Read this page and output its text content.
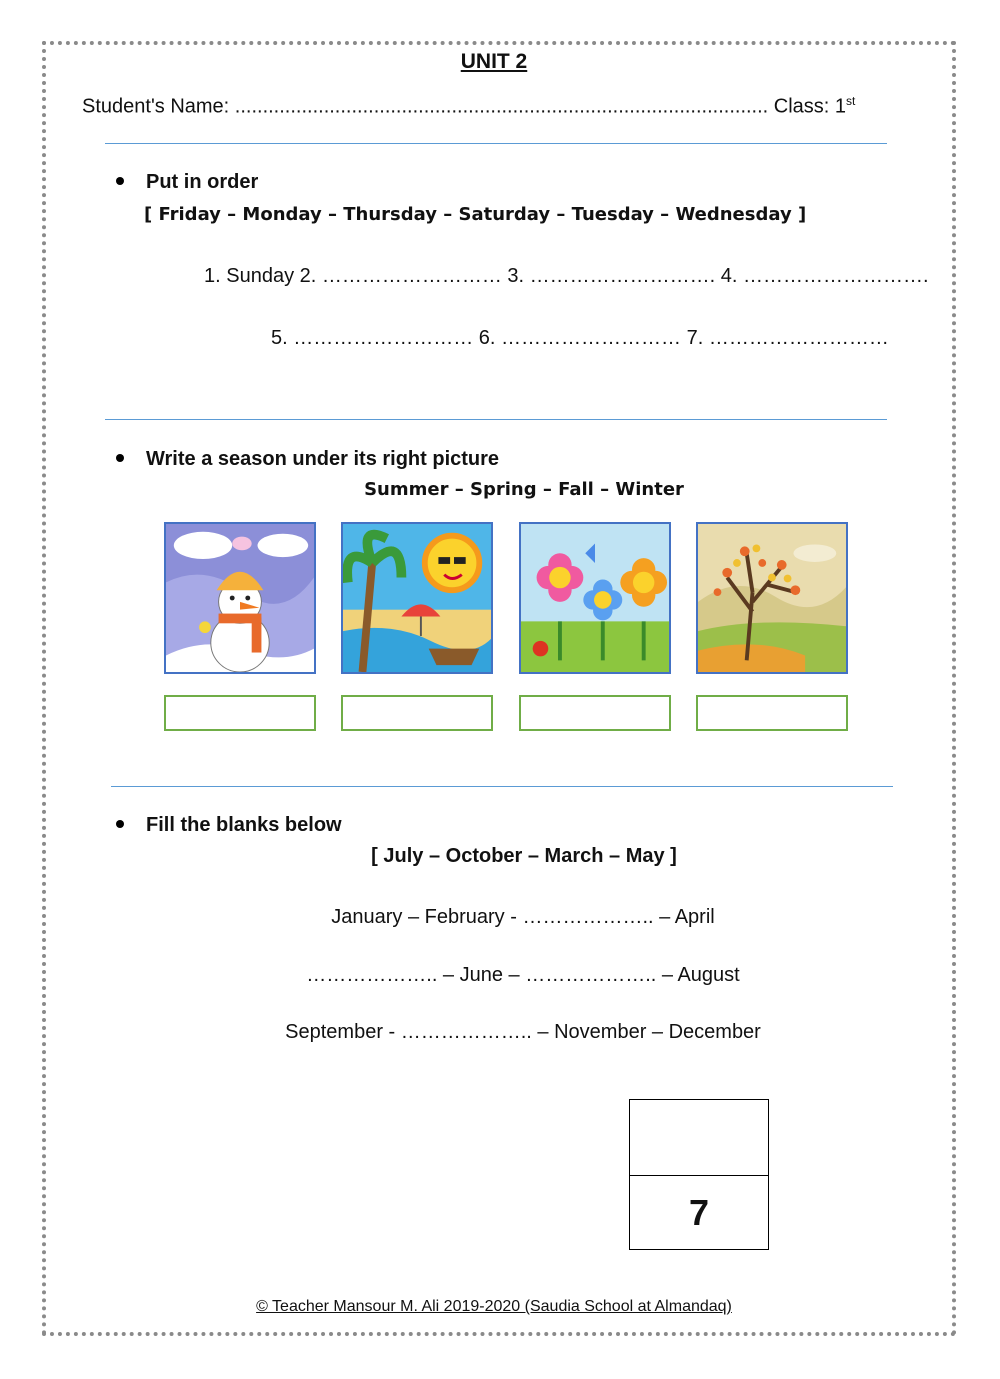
UNIT 2
Student's Name: ................................................................................................ Class: 1st
Put in order
[ Friday – Monday – Thursday – Saturday – Tuesday – Wednesday ]
1. Sunday 2. ……………………… 3. ………………………. 4. ……………………….
5. ……………………… 6. ……………………… 7. ………………………
Write a season under its right picture
Summer – Spring – Fall – Winter
Fill the blanks below
[ July – October – March – May ]
January – February - ……………….. – April
……………….. – June – ……………….. – August
September - ……………….. – November – December
7
© Teacher Mansour M. Ali 2019-2020 (Saudia School at Almandaq)
